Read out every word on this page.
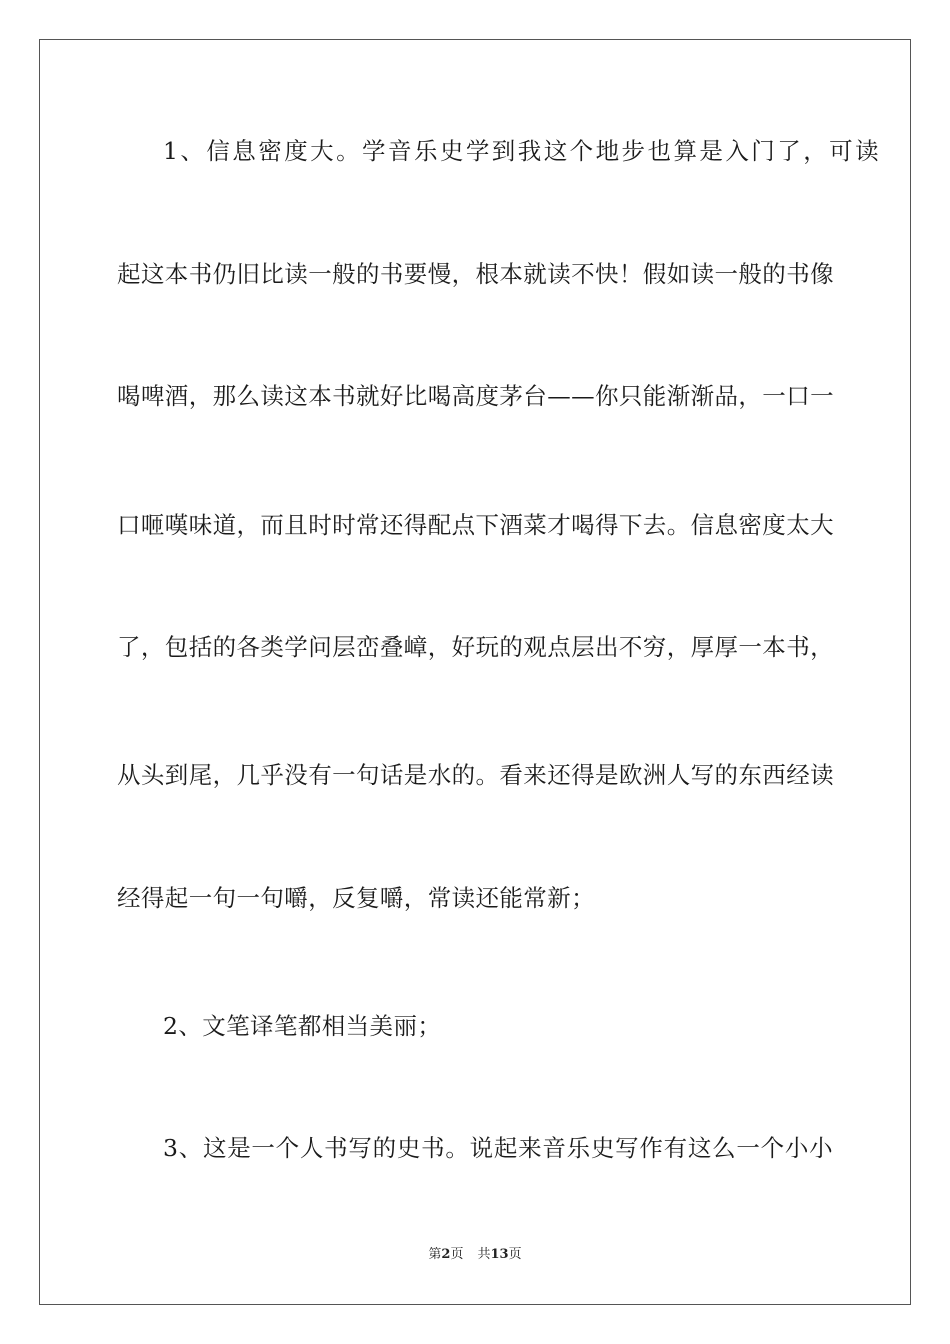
1、信息密度大。学音乐史学到我这个地步也算是入门了，可读
起这本书仍旧比读一般的书要慢，根本就读不快！假如读一般的书像
喝啤酒，那么读这本书就好比喝高度茅台——你只能渐渐品，一口一
口咂嘆味道，而且时时常还得配点下酒菜才喝得下去。信息密度太大
了，包括的各类学问层峦叠嶂，好玩的观点层出不穷，厚厚一本书，
从头到尾，几乎没有一句话是水的。看来还得是欧洲人写的东西经读
经得起一句一句嚼，反复嚼，常读还能常新；
2、文笔译笔都相当美丽；
3、这是一个人书写的史书。说起来音乐史写作有这么一个小小
第2页 共13页
